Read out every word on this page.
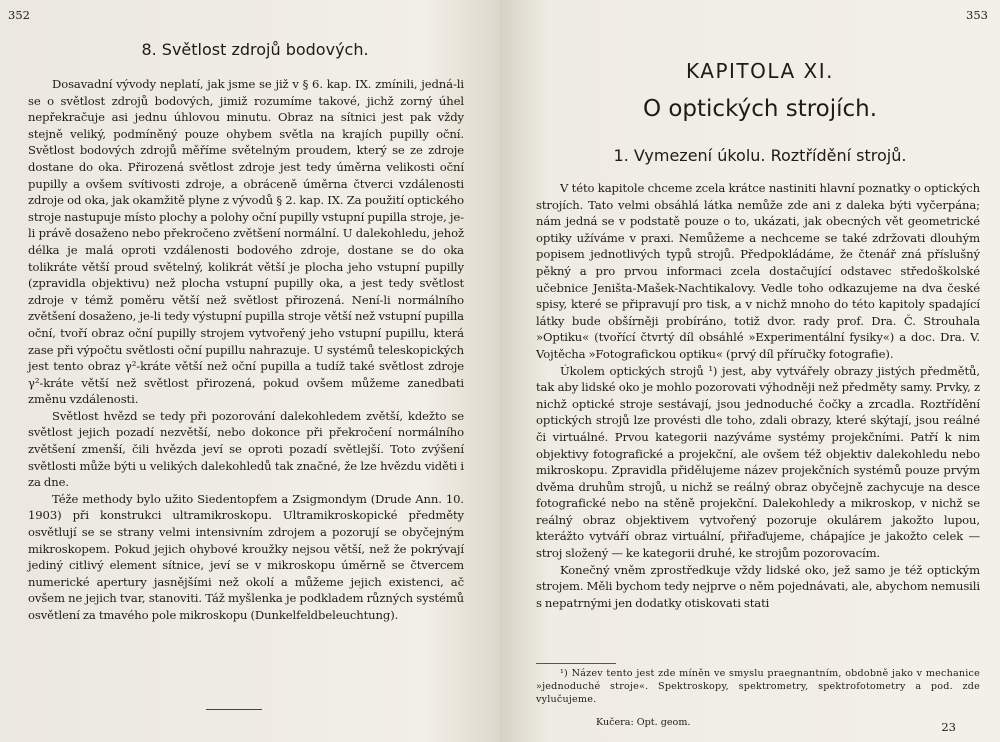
352
8. Světlost zdrojů bodových.

Dosavadní vývody neplatí, jak jsme se již v § 6. kap. IX. zmínili, jedná-li se o světlost zdrojů bodových, jimiž rozumíme takové, jichž zorný úhel nepřekračuje asi jednu úhlovou minutu. Obraz na sítnici jest pak vždy stejně veliký, podmíněný pouze ohybem světla na krajích pupilly oční. Světlost bodových zdrojů měříme světelným proudem, který se ze zdroje dostane do oka. Přirozená světlost zdroje jest tedy úměrna velikosti oční pupilly a ovšem svítivosti zdroje, a obráceně úměrna čtverci vzdálenosti zdroje od oka, jak okamžitě plyne z vývodů § 2. kap. IX. Za použití optického stroje nastupuje místo plochy a polohy oční pupilly vstupní pupilla stroje, je-li právě dosaženo nebo překročeno zvětšení normální. U dalekohledu, jehož délka je malá oproti vzdálenosti bodového zdroje, dostane se do oka tolikráte větší proud světelný, kolikrát větší je plocha jeho vstupní pupilly (zpravidla objektivu) než plocha vstupní pupilly oka, a jest tedy světlost zdroje v témž poměru větší než světlost přirozená. Není-li normálního zvětšení dosaženo, je-li tedy výstupní pupilla stroje větší než vstupní pupilla oční, tvoří obraz oční pupilly strojem vytvořený jeho vstupní pupillu, která zase při výpočtu světlosti oční pupillu nahrazuje. U systémů teleskopických jest tento obraz γ²-kráte větší než oční pupilla a tudíž také světlost zdroje γ²-kráte větší než světlost přirozená, pokud ovšem můžeme zanedbati změnu vzdálenosti.

Světlost hvězd se tedy při pozorování dalekohledem zvětší, kdežto se světlost jejich pozadí nezvětší, nebo dokonce při překročení normálního zvětšení zmenší, čili hvězda jeví se oproti pozadí světlejší. Toto zvýšení světlosti může býti u velikých dalekohledů tak značné, že lze hvězdu viděti i za dne.

Téže methody bylo užito Siedentopfem a Zsigmondym (Drude Ann. 10. 1903) při konstrukci ultramikroskopu. Ultramikroskopické předměty osvětlují se se strany velmi intensivním zdrojem a pozorují se obyčejným mikroskopem. Pokud jejich ohybové kroužky nejsou větší, než že pokrývají jediný citlivý element sítnice, jeví se v mikroskopu úměrně se čtvercem numerické apertury jasnějšími než okolí a můžeme jejich existenci, ač ovšem ne jejich tvar, stanoviti. Táž myšlenka je podkladem různých systémů osvětlení za tmavého pole mikroskopu (Dunkelfeldbeleuchtung).

353
KAPITOLA XI.
O optických strojích.
1. Vymezení úkolu. Roztřídění strojů.

V této kapitole chceme zcela krátce nastiniti hlavní poznatky o optických strojích. Tato velmi obsáhlá látka nemůže zde ani z daleka býti vyčerpána; nám jedná se v podstatě pouze o to, ukázati, jak obecných vět geometrické optiky užíváme v praxi. Nemůžeme a nechceme se také zdržovati dlouhým popisem jednotlivých typů strojů. Předpokládáme, že čtenář zná příslušný pěkný a pro prvou informaci zcela dostačující odstavec středoškolské učebnice Jeništa-Mašek-Nachtikalovy. Vedle toho odkazujeme na dva české spisy, které se připravují pro tisk, a v nichž mnoho do této kapitoly spadající látky bude obšírněji probíráno, totiž dvor. rady prof. Dra. Č. Strouhala »Optiku« (tvořící čtvrtý díl obsáhlé »Experimentální fysiky«) a doc. Dra. V. Vojtěcha »Fotografickou optiku« (prvý díl příručky fotografie).

Úkolem optických strojů ¹) jest, aby vytvářely obrazy jistých předmětů, tak aby lidské oko je mohlo pozorovati výhodněji než předměty samy. Prvky, z nichž optické stroje sestávají, jsou jednoduché čočky a zrcadla. Roztřídění optických strojů lze provésti dle toho, zdali obrazy, které skýtají, jsou reálné či virtuálné. Prvou kategorii nazýváme systémy projekčními. Patří k nim objektivy fotografické a projekční, ale ovšem též objektiv dalekohledu nebo mikroskopu. Zpravidla přidělujeme název projekčních systémů pouze prvým dvěma druhům strojů, u nichž se reálný obraz obyčejně zachycuje na desce fotografické nebo na stěně projekční. Dalekohledy a mikroskop, v nichž se reálný obraz objektivem vytvořený pozoruje okulárem jakožto lupou, kterážto vytváří obraz virtuální, přiřaďujeme, chápajíce je jakožto celek — stroj složený — ke kategorii druhé, ke strojům pozorovacím.

Konečný vněm zprostředkuje vždy lidské oko, jež samo je též optickým strojem. Měli bychom tedy nejprve o něm pojednávati, ale, abychom nemusili s nepatrnými jen dodatky otiskovati stati

¹) Název tento jest zde míněn ve smyslu praegnantním, obdobně jako v mechanice »jednoduché stroje«. Spektroskopy, spektrometry, spektrofotometry a pod. zde vylučujeme.

Kučera: Opt. geom.	23
